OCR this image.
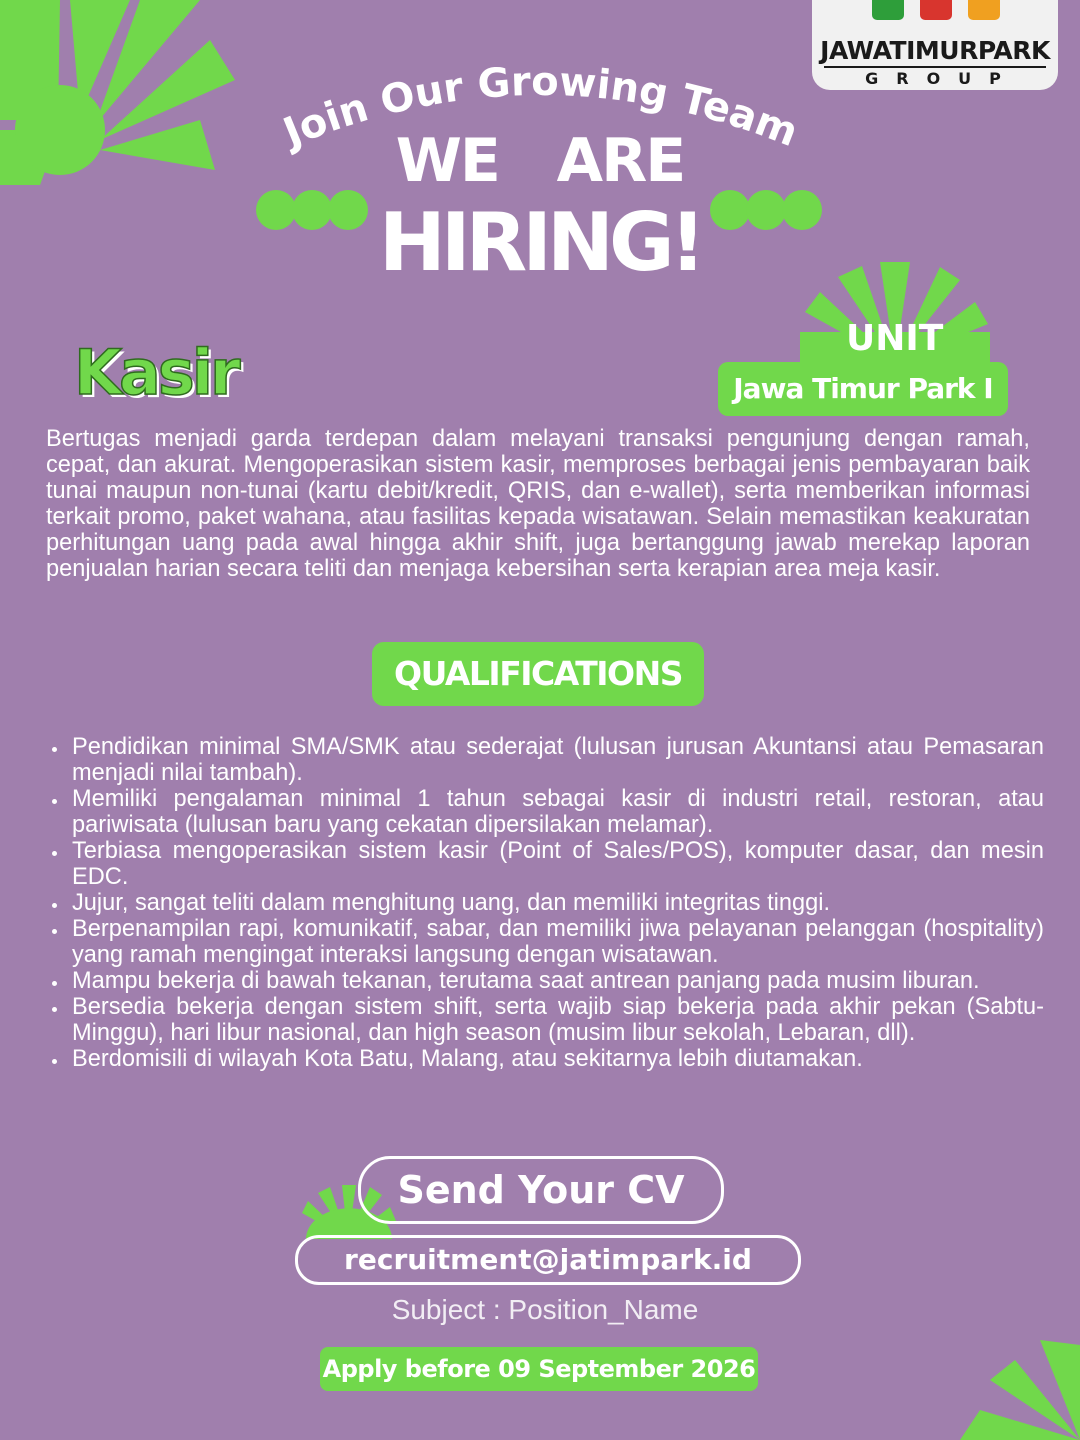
JAWATIMURPARK
GROUP
Join Our Growing Team
WE  ARE
HIRING!
UNIT
Jawa Timur Park I
Kasir
Bertugas menjadi garda terdepan dalam melayani transaksi pengunjung dengan ramah, cepat, dan akurat. Mengoperasikan sistem kasir, memproses berbagai jenis pembayaran baik tunai maupun non-tunai (kartu debit/kredit, QRIS, dan e-wallet), serta memberikan informasi terkait promo, paket wahana, atau fasilitas kepada wisatawan. Selain memastikan keakuratan perhitungan uang pada awal hingga akhir shift, juga bertanggung jawab merekap laporan penjualan harian secara teliti dan menjaga kebersihan serta kerapian area meja kasir.
QUALIFICATIONS
Pendidikan minimal SMA/SMK atau sederajat (lulusan jurusan Akuntansi atau Pemasaran menjadi nilai tambah).
Memiliki pengalaman minimal 1 tahun sebagai kasir di industri retail, restoran, atau pariwisata (lulusan baru yang cekatan dipersilakan melamar).
Terbiasa mengoperasikan sistem kasir (Point of Sales/POS), komputer dasar, dan mesin EDC.
Jujur, sangat teliti dalam menghitung uang, dan memiliki integritas tinggi.
Berpenampilan rapi, komunikatif, sabar, dan memiliki jiwa pelayanan pelanggan (hospitality) yang ramah mengingat interaksi langsung dengan wisatawan.
Mampu bekerja di bawah tekanan, terutama saat antrean panjang pada musim liburan.
Bersedia bekerja dengan sistem shift, serta wajib siap bekerja pada akhir pekan (Sabtu-Minggu), hari libur nasional, dan high season (musim libur sekolah, Lebaran, dll).
Berdomisili di wilayah Kota Batu, Malang, atau sekitarnya lebih diutamakan.
Send Your CV
recruitment@jatimpark.id
Subject : Position_Name
Apply before 09 September 2026
